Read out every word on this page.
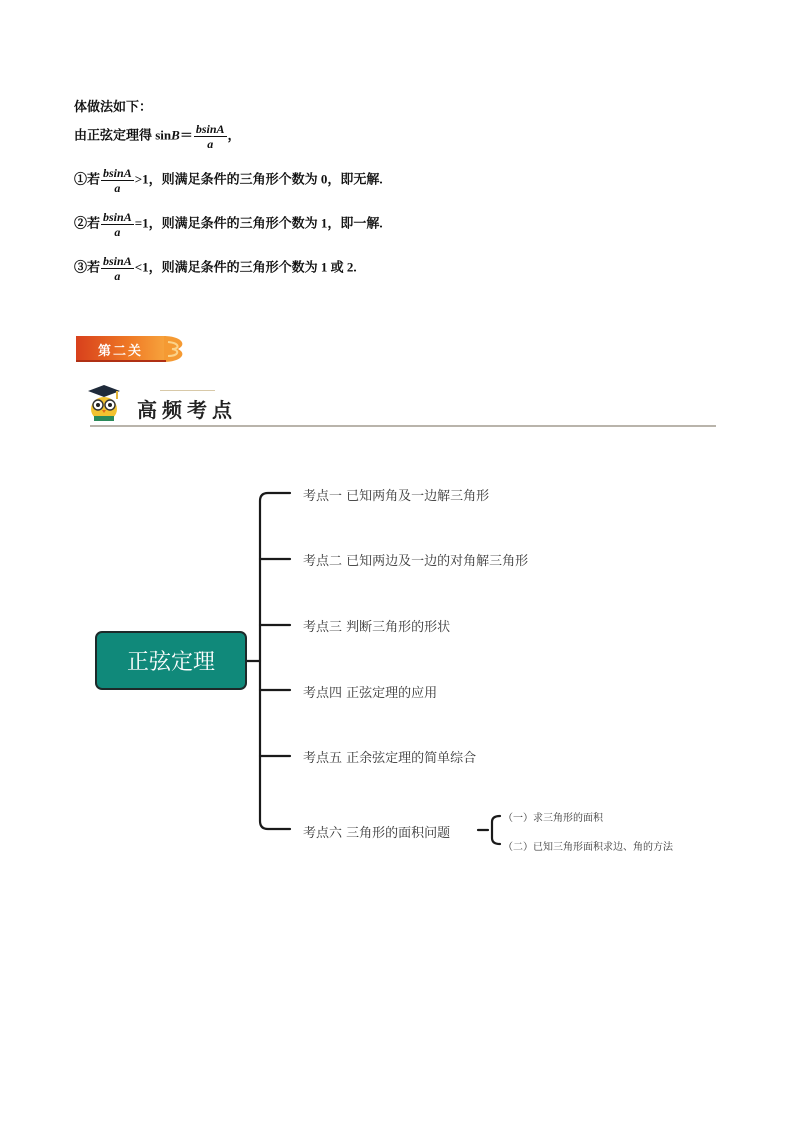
体做法如下：
由正弦定理得 $\sin B= \frac{bsinA}{a}$ ，
①若 $\frac{bsinA}{a} >1$，则满足条件的三角形个数为 0，即无解.
②若 $\frac{bsinA}{a} =1$，则满足条件的三角形个数为 1，即一解.
③若 $\frac{bsinA}{a} <1$，则满足条件的三角形个数为 1 或 2.
第二关
高频考点
正弦定理
考点一 已知两角及一边解三角形
考点二 已知两边及一边的对角解三角形
考点三 判断三角形的形状
考点四 正弦定理的应用
考点五 正余弦定理的简单综合
考点六 三角形的面积问题
（一）求三角形的面积
（二）已知三角形面积求边、角的方法
